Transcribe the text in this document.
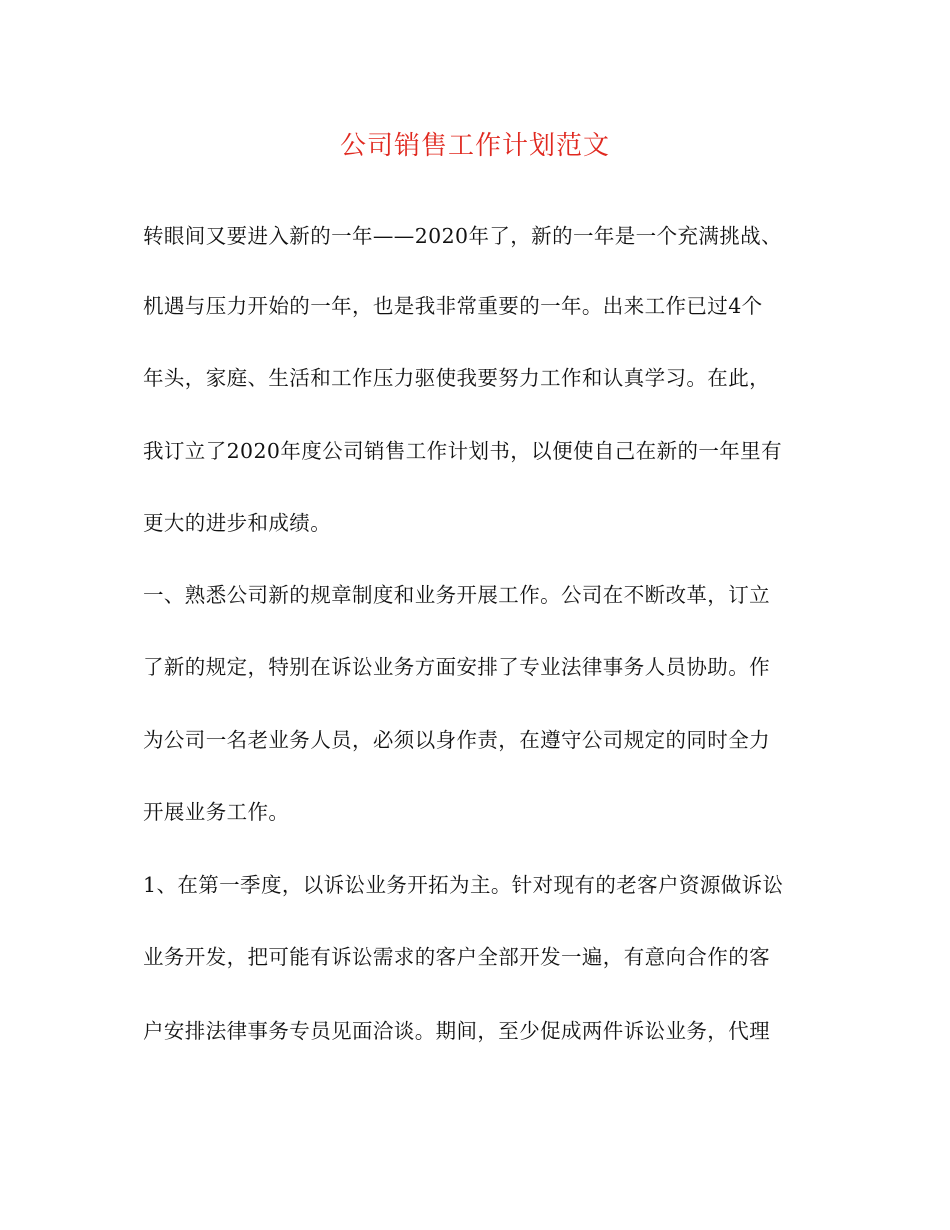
公司销售工作计划范文

转眼间又要进入新的一年——2020年了，新的一年是一个充满挑战、

机遇与压力开始的一年，也是我非常重要的一年。出来工作已过4个

年头，家庭、生活和工作压力驱使我要努力工作和认真学习。在此，

我订立了2020年度公司销售工作计划书，以便使自己在新的一年里有

更大的进步和成绩。

一、熟悉公司新的规章制度和业务开展工作。公司在不断改革，订立

了新的规定，特别在诉讼业务方面安排了专业法律事务人员协助。作

为公司一名老业务人员，必须以身作责，在遵守公司规定的同时全力

开展业务工作。

1、在第一季度，以诉讼业务开拓为主。针对现有的老客户资源做诉讼

业务开发，把可能有诉讼需求的客户全部开发一遍，有意向合作的客

户安排法律事务专员见面洽谈。期间，至少促成两件诉讼业务，代理
